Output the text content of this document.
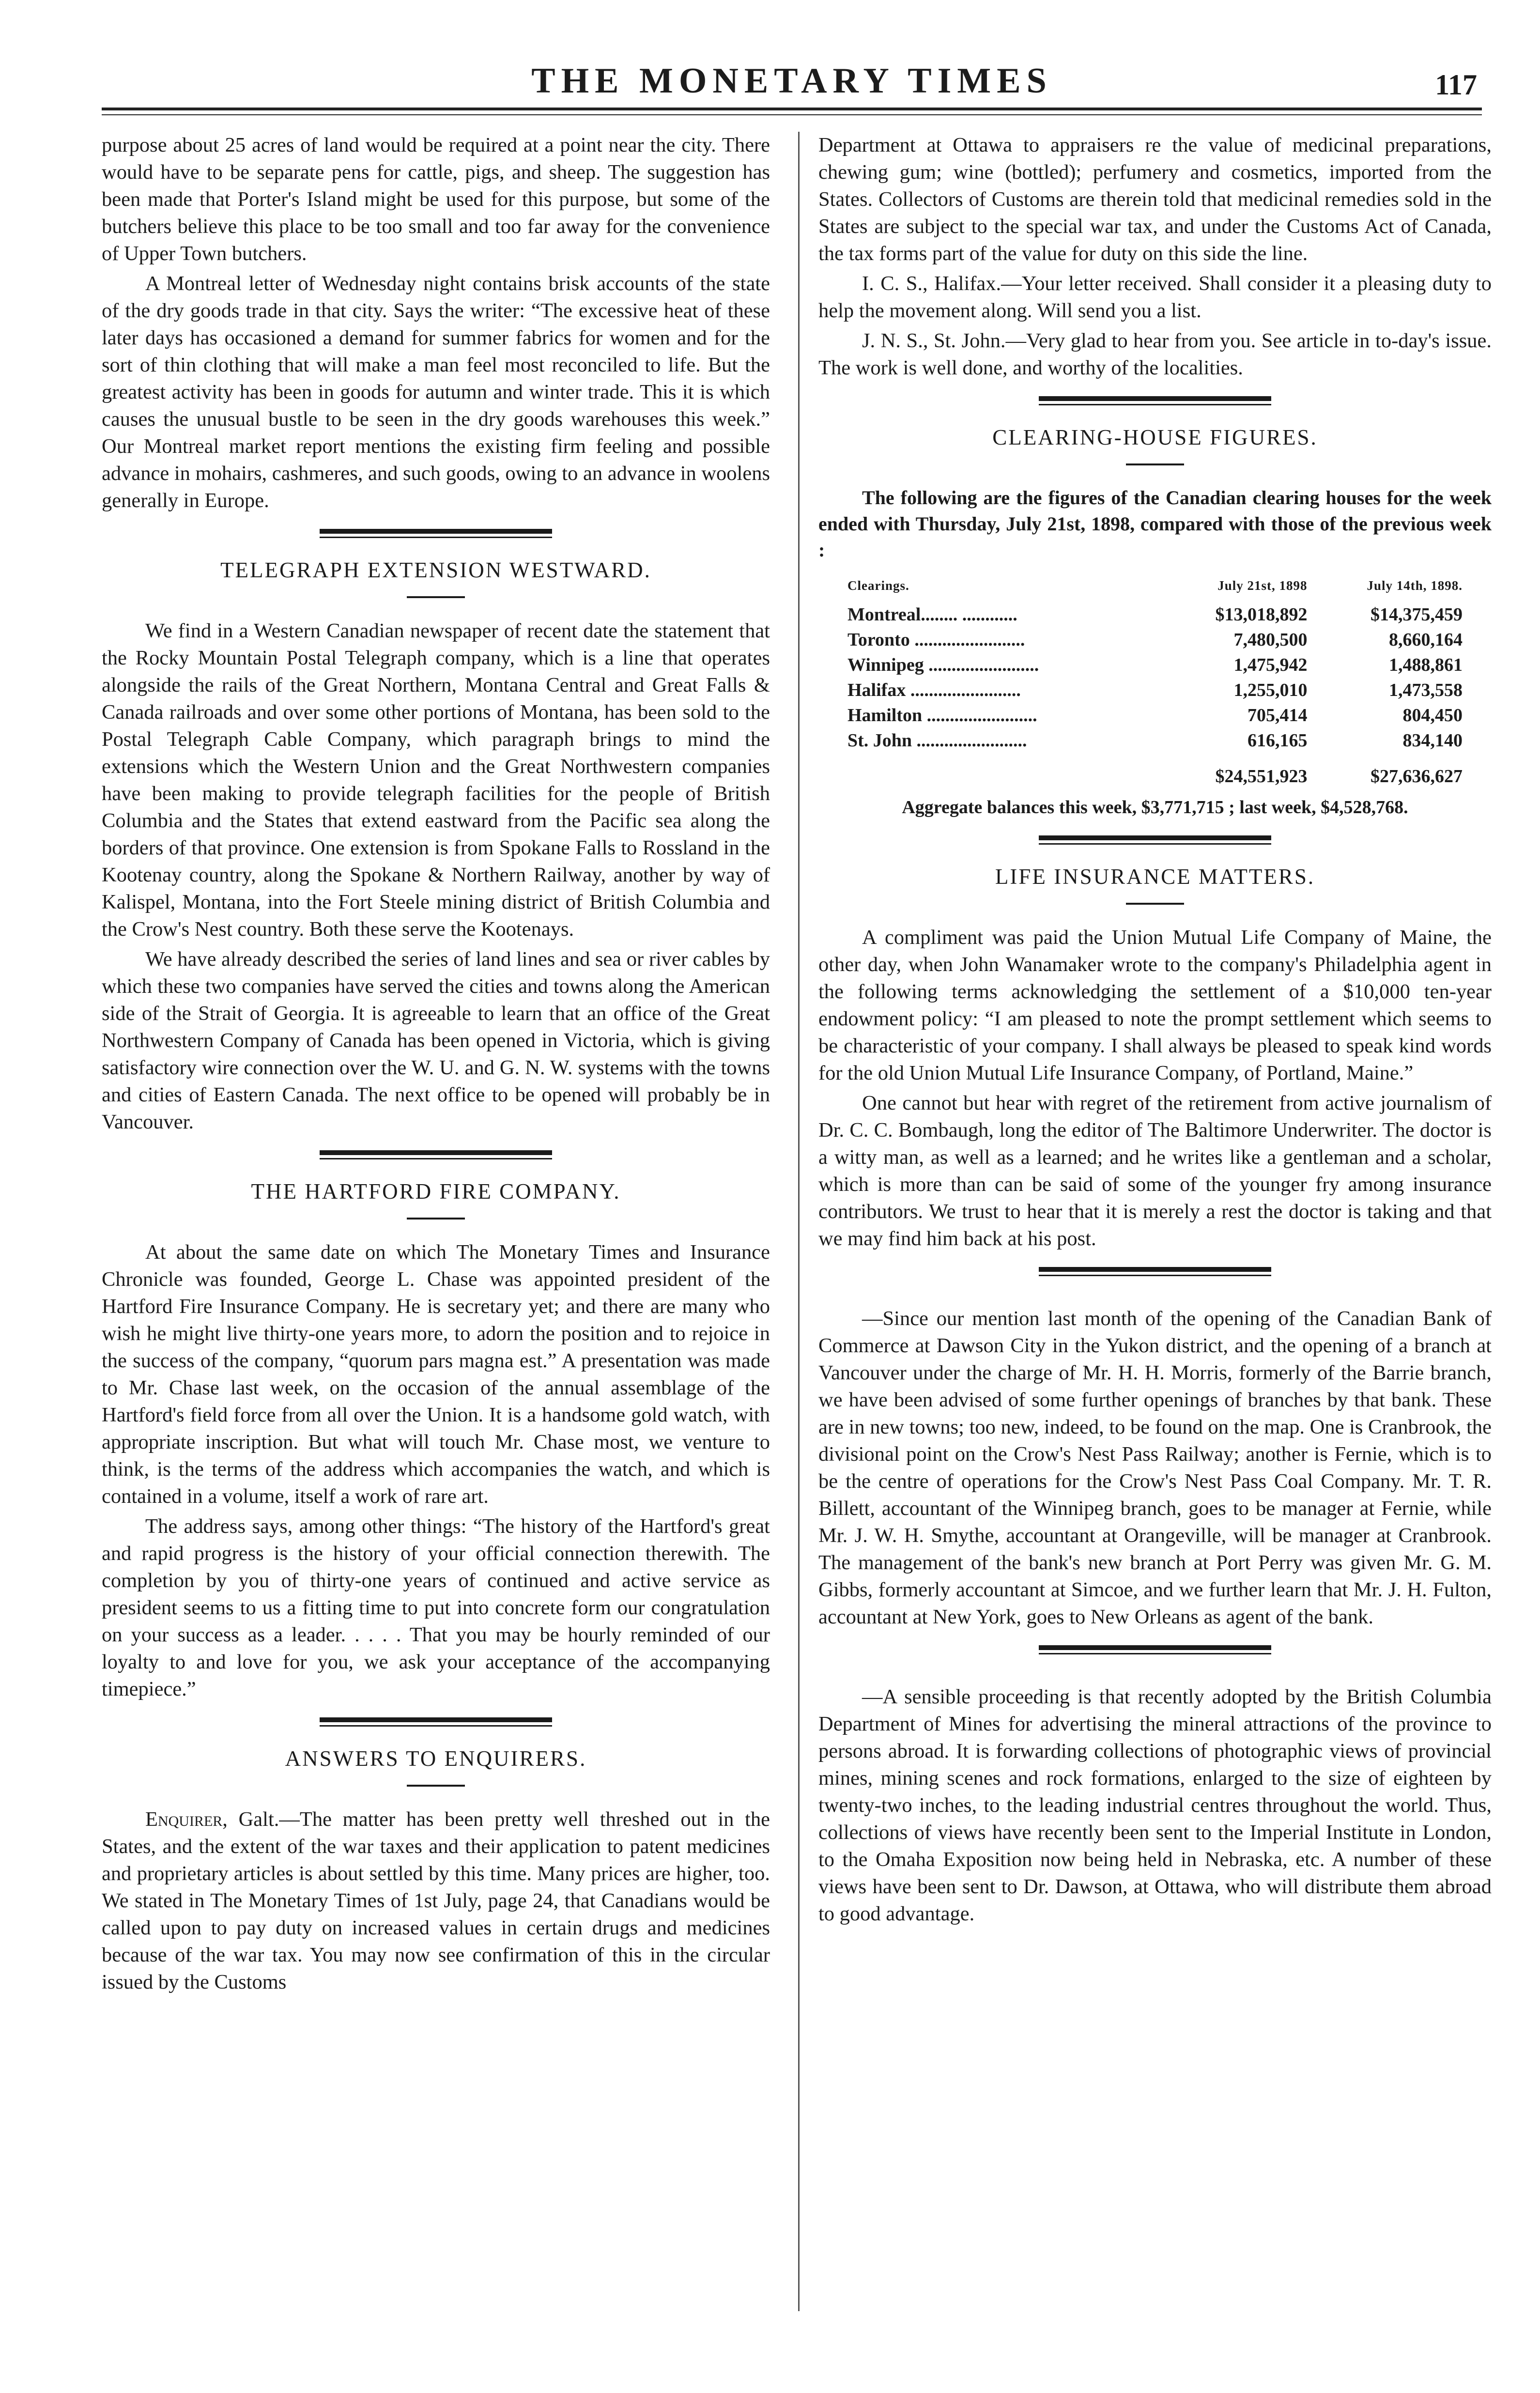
THE MONETARY TIMES	117

purpose about 25 acres of land would be required at a point near the city. There would have to be separate pens for cattle, pigs, and sheep. The suggestion has been made that Porter's Island might be used for this purpose, but some of the butchers believe this place to be too small and too far away for the convenience of Upper Town butchers.

A Montreal letter of Wednesday night contains brisk accounts of the state of the dry goods trade in that city. Says the writer: “The excessive heat of these later days has occasioned a demand for summer fabrics for women and for the sort of thin clothing that will make a man feel most reconciled to life. But the greatest activity has been in goods for autumn and winter trade. This it is which causes the unusual bustle to be seen in the dry goods warehouses this week.” Our Montreal market report mentions the existing firm feeling and possible advance in mohairs, cashmeres, and such goods, owing to an advance in woolens generally in Europe.

TELEGRAPH EXTENSION WESTWARD.

We find in a Western Canadian newspaper of recent date the statement that the Rocky Mountain Postal Telegraph company, which is a line that operates alongside the rails of the Great Northern, Montana Central and Great Falls & Canada railroads and over some other portions of Montana, has been sold to the Postal Telegraph Cable Company, which paragraph brings to mind the extensions which the Western Union and the Great Northwestern companies have been making to provide telegraph facilities for the people of British Columbia and the States that extend eastward from the Pacific sea along the borders of that province. One extension is from Spokane Falls to Rossland in the Kootenay country, along the Spokane & Northern Railway, another by way of Kalispel, Montana, into the Fort Steele mining district of British Columbia and the Crow's Nest country. Both these serve the Kootenays.

We have already described the series of land lines and sea or river cables by which these two companies have served the cities and towns along the American side of the Strait of Georgia. It is agreeable to learn that an office of the Great Northwestern Company of Canada has been opened in Victoria, which is giving satisfactory wire connection over the W. U. and G. N. W. systems with the towns and cities of Eastern Canada. The next office to be opened will probably be in Vancouver.

THE HARTFORD FIRE COMPANY.

At about the same date on which The Monetary Times and Insurance Chronicle was founded, George L. Chase was appointed president of the Hartford Fire Insurance Company. He is secretary yet; and there are many who wish he might live thirty-one years more, to adorn the position and to rejoice in the success of the company, “quorum pars magna est.” A presentation was made to Mr. Chase last week, on the occasion of the annual assemblage of the Hartford's field force from all over the Union. It is a handsome gold watch, with appropriate inscription. But what will touch Mr. Chase most, we venture to think, is the terms of the address which accompanies the watch, and which is contained in a volume, itself a work of rare art.

The address says, among other things: “The history of the Hartford's great and rapid progress is the history of your official connection therewith. The completion by you of thirty-one years of continued and active service as president seems to us a fitting time to put into concrete form our congratulation on your success as a leader. . . . . That you may be hourly reminded of our loyalty to and love for you, we ask your acceptance of the accompanying timepiece.”

ANSWERS TO ENQUIRERS.

Enquirer, Galt.—The matter has been pretty well threshed out in the States, and the extent of the war taxes and their application to patent medicines and proprietary articles is about settled by this time. Many prices are higher, too. We stated in The Monetary Times of 1st July, page 24, that Canadians would be called upon to pay duty on increased values in certain drugs and medicines because of the war tax. You may now see confirmation of this in the circular issued by the Customs

Department at Ottawa to appraisers re the value of medicinal preparations, chewing gum; wine (bottled); perfumery and cosmetics, imported from the States. Collectors of Customs are therein told that medicinal remedies sold in the States are subject to the special war tax, and under the Customs Act of Canada, the tax forms part of the value for duty on this side the line.

I. C. S., Halifax.—Your letter received. Shall consider it a pleasing duty to help the movement along. Will send you a list.

J. N. S., St. John.—Very glad to hear from you. See article in to-day's issue. The work is well done, and worthy of the localities.

CLEARING-HOUSE FIGURES.

The following are the figures of the Canadian clearing houses for the week ended with Thursday, July 21st, 1898, compared with those of the previous week :

Clearings.	July 21st, 1898	July 14th, 1898.
Montreal........ ............	$13,018,892	$14,375,459
Toronto ........................	7,480,500	8,660,164
Winnipeg ........................	1,475,942	1,488,861
Halifax ........................	1,255,010	1,473,558
Hamilton ........................	705,414	804,450
St. John ........................	616,165	834,140
	$24,551,923	$27,636,627
Aggregate balances this week, $3,771,715 ; last week, $4,528,768.
LIFE INSURANCE MATTERS.

A compliment was paid the Union Mutual Life Company of Maine, the other day, when John Wanamaker wrote to the company's Philadelphia agent in the following terms acknowledging the settlement of a $10,000 ten-year endowment policy: “I am pleased to note the prompt settlement which seems to be characteristic of your company. I shall always be pleased to speak kind words for the old Union Mutual Life Insurance Company, of Portland, Maine.”

One cannot but hear with regret of the retirement from active journalism of Dr. C. C. Bombaugh, long the editor of The Baltimore Underwriter. The doctor is a witty man, as well as a learned; and he writes like a gentleman and a scholar, which is more than can be said of some of the younger fry among insurance contributors. We trust to hear that it is merely a rest the doctor is taking and that we may find him back at his post.

—Since our mention last month of the opening of the Canadian Bank of Commerce at Dawson City in the Yukon district, and the opening of a branch at Vancouver under the charge of Mr. H. H. Morris, formerly of the Barrie branch, we have been advised of some further openings of branches by that bank. These are in new towns; too new, indeed, to be found on the map. One is Cranbrook, the divisional point on the Crow's Nest Pass Railway; another is Fernie, which is to be the centre of operations for the Crow's Nest Pass Coal Company. Mr. T. R. Billett, accountant of the Winnipeg branch, goes to be manager at Fernie, while Mr. J. W. H. Smythe, accountant at Orangeville, will be manager at Cranbrook. The management of the bank's new branch at Port Perry was given Mr. G. M. Gibbs, formerly accountant at Simcoe, and we further learn that Mr. J. H. Fulton, accountant at New York, goes to New Orleans as agent of the bank.

—A sensible proceeding is that recently adopted by the British Columbia Department of Mines for advertising the mineral attractions of the province to persons abroad. It is forwarding collections of photographic views of provincial mines, mining scenes and rock formations, enlarged to the size of eighteen by twenty-two inches, to the leading industrial centres throughout the world. Thus, collections of views have recently been sent to the Imperial Institute in London, to the Omaha Exposition now being held in Nebraska, etc. A number of these views have been sent to Dr. Dawson, at Ottawa, who will distribute them abroad to good advantage.
